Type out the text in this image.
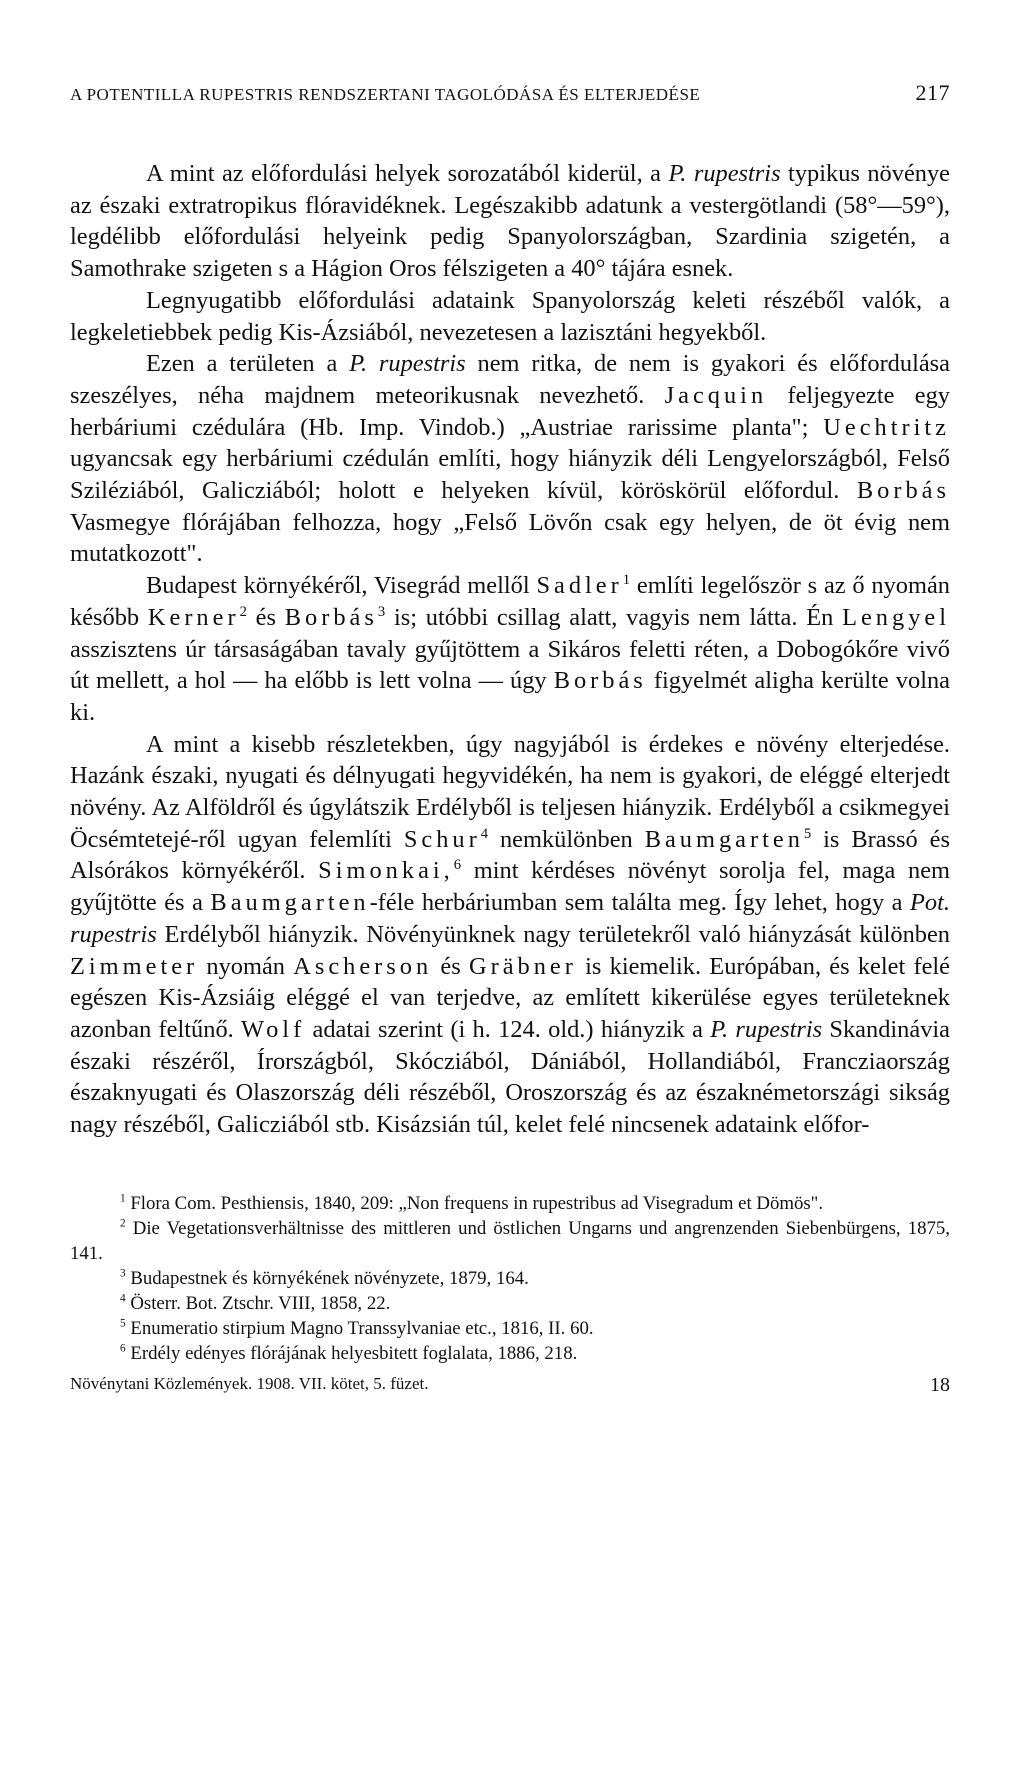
A POTENTILLA RUPESTRIS RENDSZERTANI TAGOLÓDÁSA ÉS ELTERJEDÉSE	217

A mint az előfordulási helyek sorozatából kiderül, a P. rupestris typikus növénye az északi extratropikus flóravidéknek. Legészakibb adatunk a vestergötlandi (58°—59°), legdélibb előfordulási helyeink pedig Spanyolországban, Szardinia szigetén, a Samothrake szigeten s a Hágion Oros félszigeten a 40° tájára esnek.

Legnyugatibb előfordulási adataink Spanyolország keleti részéből valók, a legkeletiebbek pedig Kis-Ázsiából, nevezetesen a lazisztáni hegyekből.

Ezen a területen a P. rupestris nem ritka, de nem is gyakori és előfordulása szeszélyes, néha majdnem meteorikusnak nevezhető. Jacquin feljegyezte egy herbáriumi czédulára (Hb. Imp. Vindob.) „Austriae rarissime planta"; Uechtritz ugyancsak egy herbáriumi czédulán említi, hogy hiányzik déli Lengyelországból, Felső Sziléziából, Galicziából; holott e helyeken kívül, köröskörül előfordul. Borbás Vasmegye flórájában felhozza, hogy „Felső Lövőn csak egy helyen, de öt évig nem mutatkozott".

Budapest környékéről, Visegrád mellől Sadler$^1$ említi legelőször s az ő nyomán később Kerner$^2$ és Borbás$^3$ is; utóbbi csillag alatt, vagyis nem látta. Én Lengyel asszisztens úr társaságában tavaly gyűjtöttem a Sikáros feletti réten, a Dobogókőre vivő út mellett, a hol — ha előbb is lett volna — úgy Borbás figyelmét aligha kerülte volna ki.

A mint a kisebb részletekben, úgy nagyjából is érdekes e növény elterjedése. Hazánk északi, nyugati és délnyugati hegyvidékén, ha nem is gyakori, de eléggé elterjedt növény. Az Alföldről és úgylátszik Erdélyből is teljesen hiányzik. Erdélyből a csikmegyei Öcsémtetejé-ről ugyan felemlíti Schur$^4$ nemkülönben Baumgarten$^5$ is Brassó és Alsórákos környékéről. Simonkai,$^6$ mint kérdéses növényt sorolja fel, maga nem gyűjtötte és a Baumgarten-féle herbáriumban sem találta meg. Így lehet, hogy a Pot. rupestris Erdélyből hiányzik. Növényünknek nagy területekről való hiányzását különben Zimmeter nyomán Ascherson és Gräbner is kiemelik. Európában, és kelet felé egészen Kis-Ázsiáig eléggé el van terjedve, az említett kikerülése egyes területeknek azonban feltűnő. Wolf adatai szerint (i h. 124. old.) hiányzik a P. rupestris Skandinávia északi részéről, Írországból, Skócziából, Dániából, Hollandiából, Francziaország északnyugati és Olaszország déli részéből, Oroszország és az északnémetországi sikság nagy részéből, Galicziából stb. Kisázsián túl, kelet felé nincsenek adataink előfor-

$^1$ Flora Com. Pesthiensis, 1840, 209: „Non frequens in rupestribus ad Visegradum et Dömös".

$^2$ Die Vegetationsverhältnisse des mittleren und östlichen Ungarns und angrenzenden Siebenbürgens, 1875, 141.

$^3$ Budapestnek és környékének növényzete, 1879, 164.

$^4$ Österr. Bot. Ztschr. VIII, 1858, 22.

$^5$ Enumeratio stirpium Magno Transsylvaniae etc., 1816, II. 60.

$^6$ Erdély edényes flórájának helyesbitett foglalata, 1886, 218.

Növénytani Közlemények. 1908. VII. kötet, 5. füzet.	18
